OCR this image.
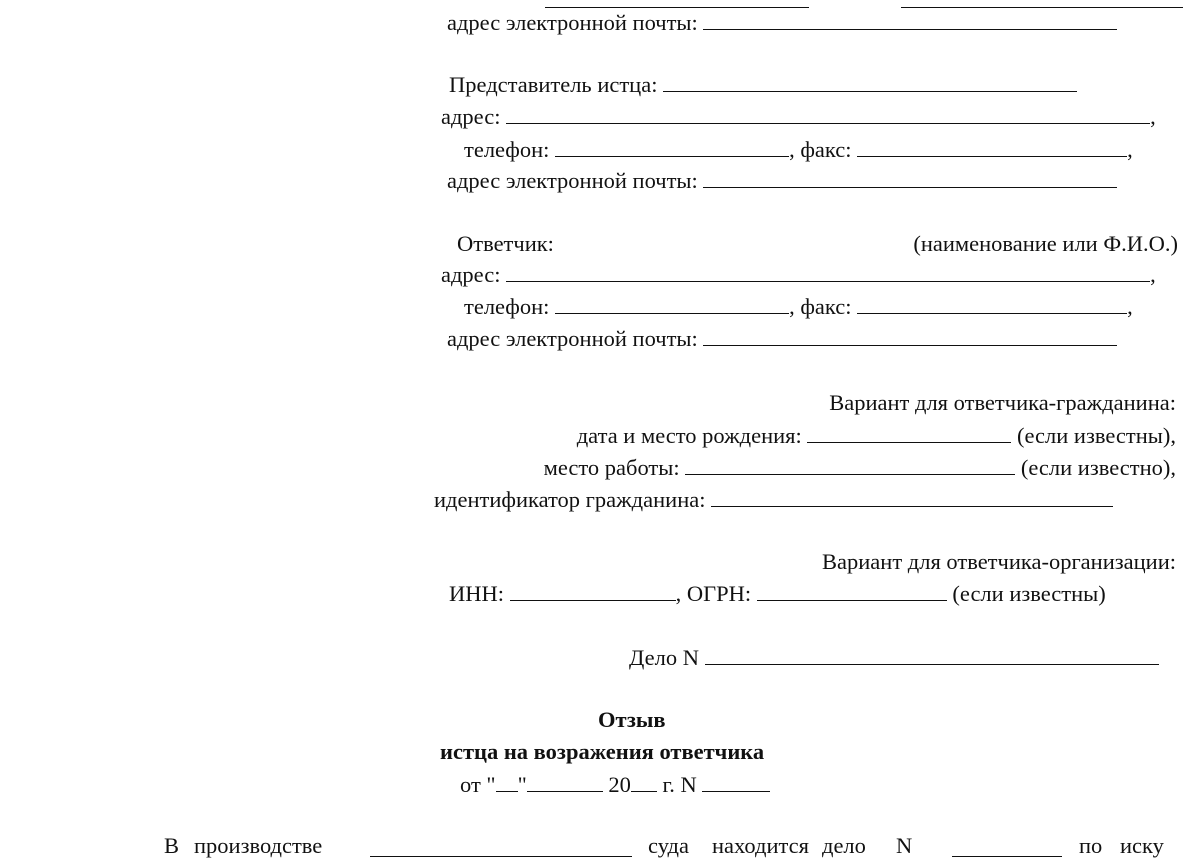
адрес электронной почты:
Представитель истца:
адрес:	,
телефон:	, факс:	,
адрес электронной почты:
Ответчик:	(наименование или Ф.И.О.)
адрес:	,
телефон:	, факс:	,
адрес электронной почты:
Вариант для ответчика-гражданина:
дата и место рождения:	(если известны),
место работы:	(если известно),
идентификатор гражданина:
Вариант для ответчика-организации:
ИНН:	, ОГРН:	(если известны)
Дело N
Отзыв
истца на возражения ответчика
от " "	20 г. N
В производстве	суда находится дело N	по иску
